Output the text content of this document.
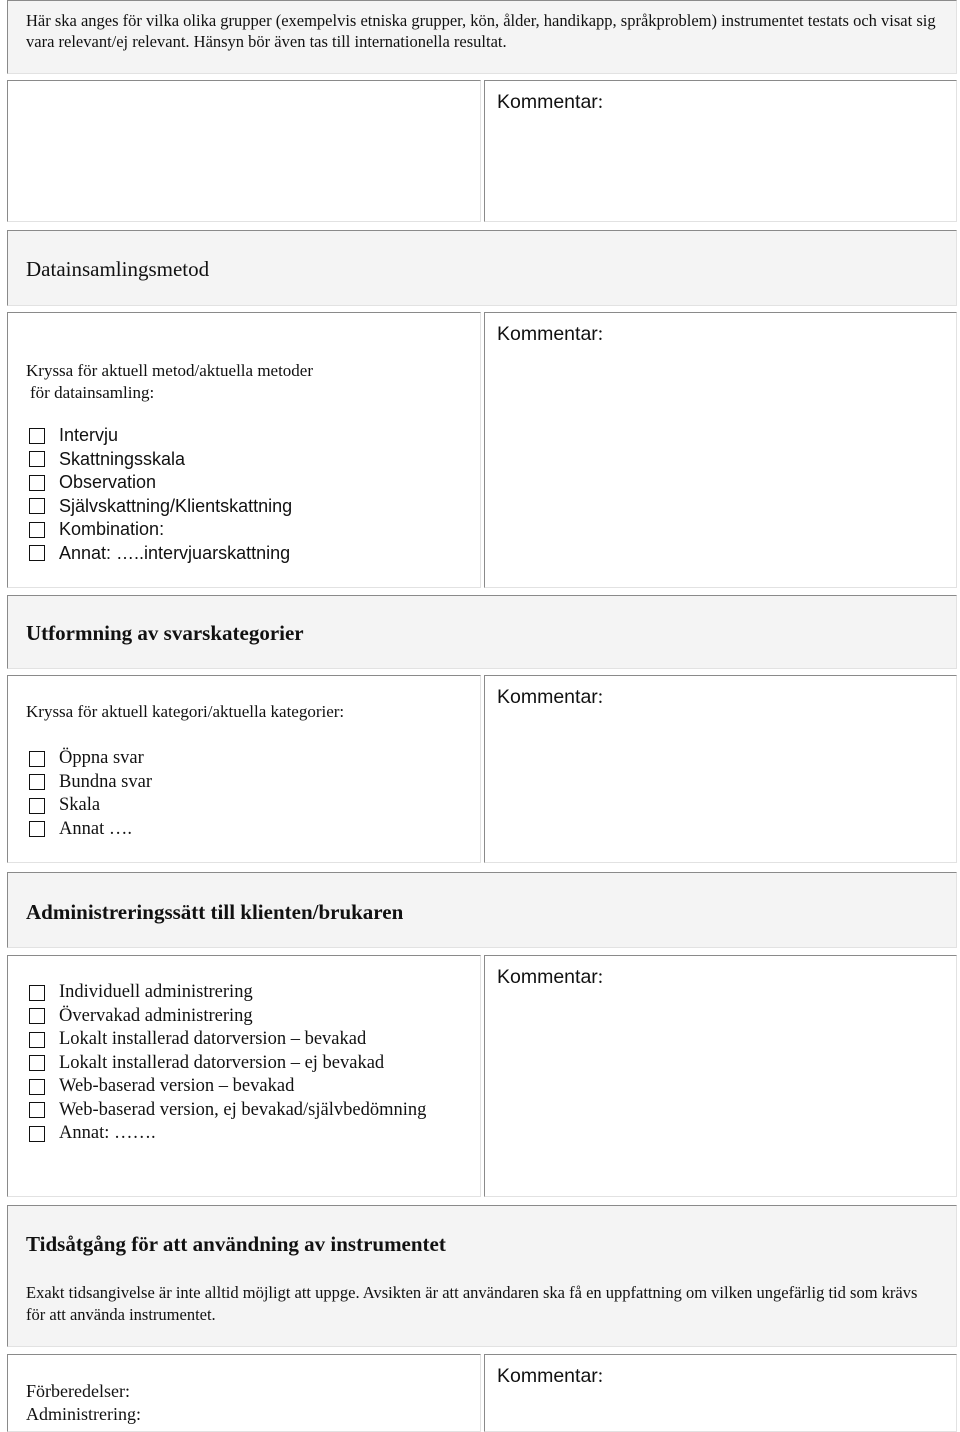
Här ska anges för vilka olika grupper (exempelvis etniska grupper, kön, ålder, handikapp, språkproblem) instrumentet testats och visat sig vara relevant/ej relevant. Hänsyn bör även tas till internationella resultat.
Kommentar:
Datainsamlingsmetod
Kryssa för aktuell metod/aktuella metoder
för datainsamling:
Intervju
Skattningsskala
Observation
Självskattning/Klientskattning
Kombination:
Annat: …..intervjuarskattning
Kommentar:
Utformning av svarskategorier
Kryssa för aktuell kategori/aktuella kategorier:
Öppna svar
Bundna svar
Skala
Annat ….
Kommentar:
Administreringssätt till klienten/brukaren
Individuell administrering
Övervakad administrering
Lokalt installerad datorversion – bevakad
Lokalt installerad datorversion – ej bevakad
Web-baserad version – bevakad
Web-baserad version, ej bevakad/självbedömning
Annat: …….
Kommentar:
Tidsåtgång för att användning av instrumentet
Exakt tidsangivelse är inte alltid möjligt att uppge. Avsikten är att användaren ska få en uppfattning om vilken ungefärlig tid som krävs för att använda instrumentet.
Förberedelser:
Administrering:
Kommentar:
